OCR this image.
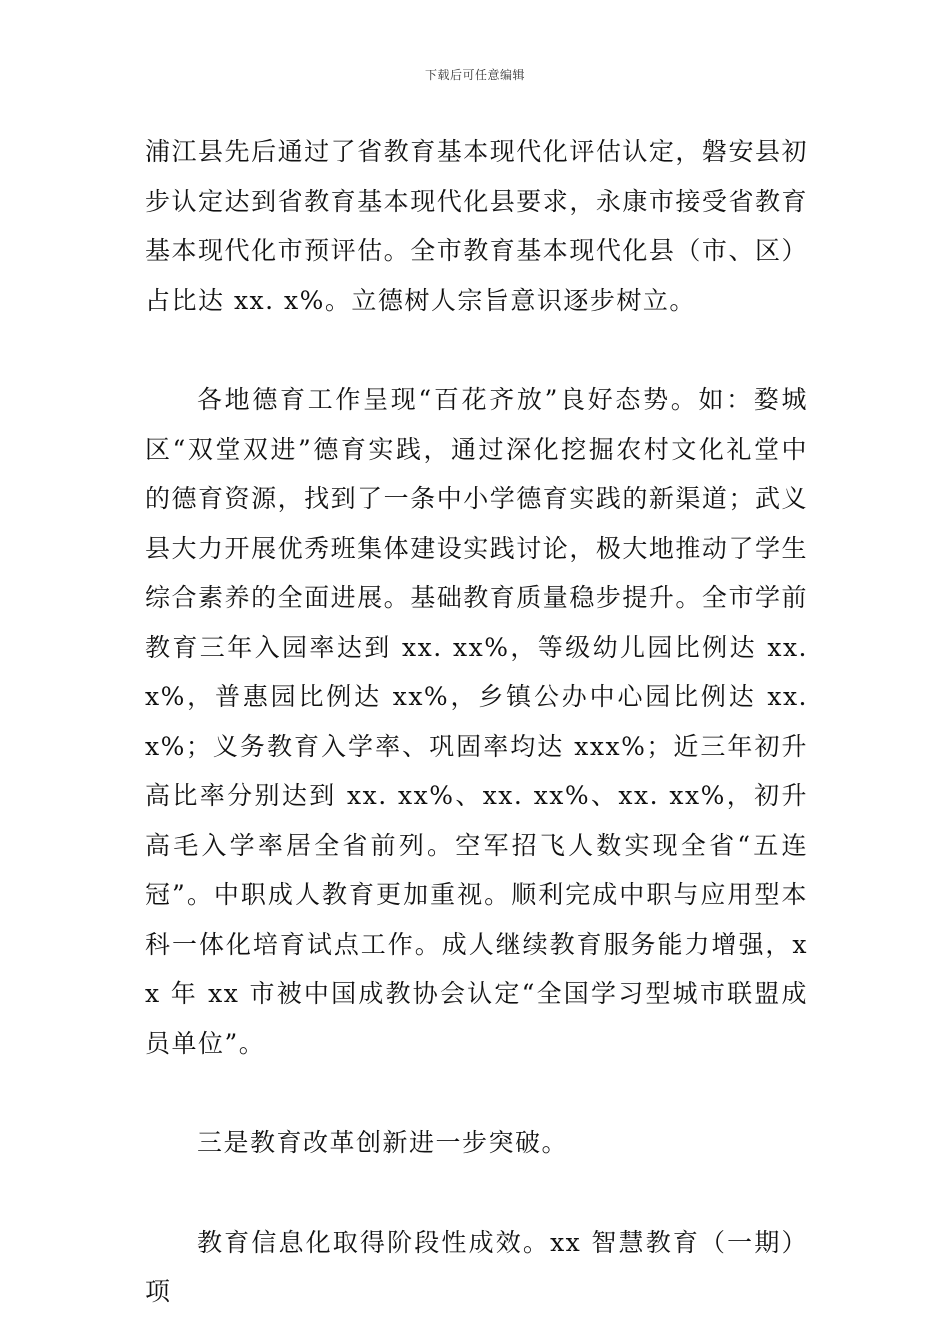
下载后可任意编辑

浦江县先后通过了省教育基本现代化评估认定，磐安县初步认定达到省教育基本现代化县要求，永康市接受省教育基本现代化市预评估。全市教育基本现代化县（市、区）占比达 xx. x%。立德树人宗旨意识逐步树立。

各地德育工作呈现“百花齐放”良好态势。如：婺城区“双堂双进”德育实践，通过深化挖掘农村文化礼堂中的德育资源，找到了一条中小学德育实践的新渠道；武义县大力开展优秀班集体建设实践讨论，极大地推动了学生综合素养的全面进展。基础教育质量稳步提升。全市学前教育三年入园率达到 xx. xx%，等级幼儿园比例达 xx. x%，普惠园比例达 xx%，乡镇公办中心园比例达 xx. x%；义务教育入学率、巩固率均达 xxx%；近三年初升高比率分别达到 xx. xx%、xx. xx%、xx. xx%，初升高毛入学率居全省前列。空军招飞人数实现全省“五连冠”。中职成人教育更加重视。顺利完成中职与应用型本科一体化培育试点工作。成人继续教育服务能力增强，xx 年 xx 市被中国成教协会认定“全国学习型城市联盟成员单位”。

三是教育改革创新进一步突破。

教育信息化取得阶段性成效。xx 智慧教育（一期）项
